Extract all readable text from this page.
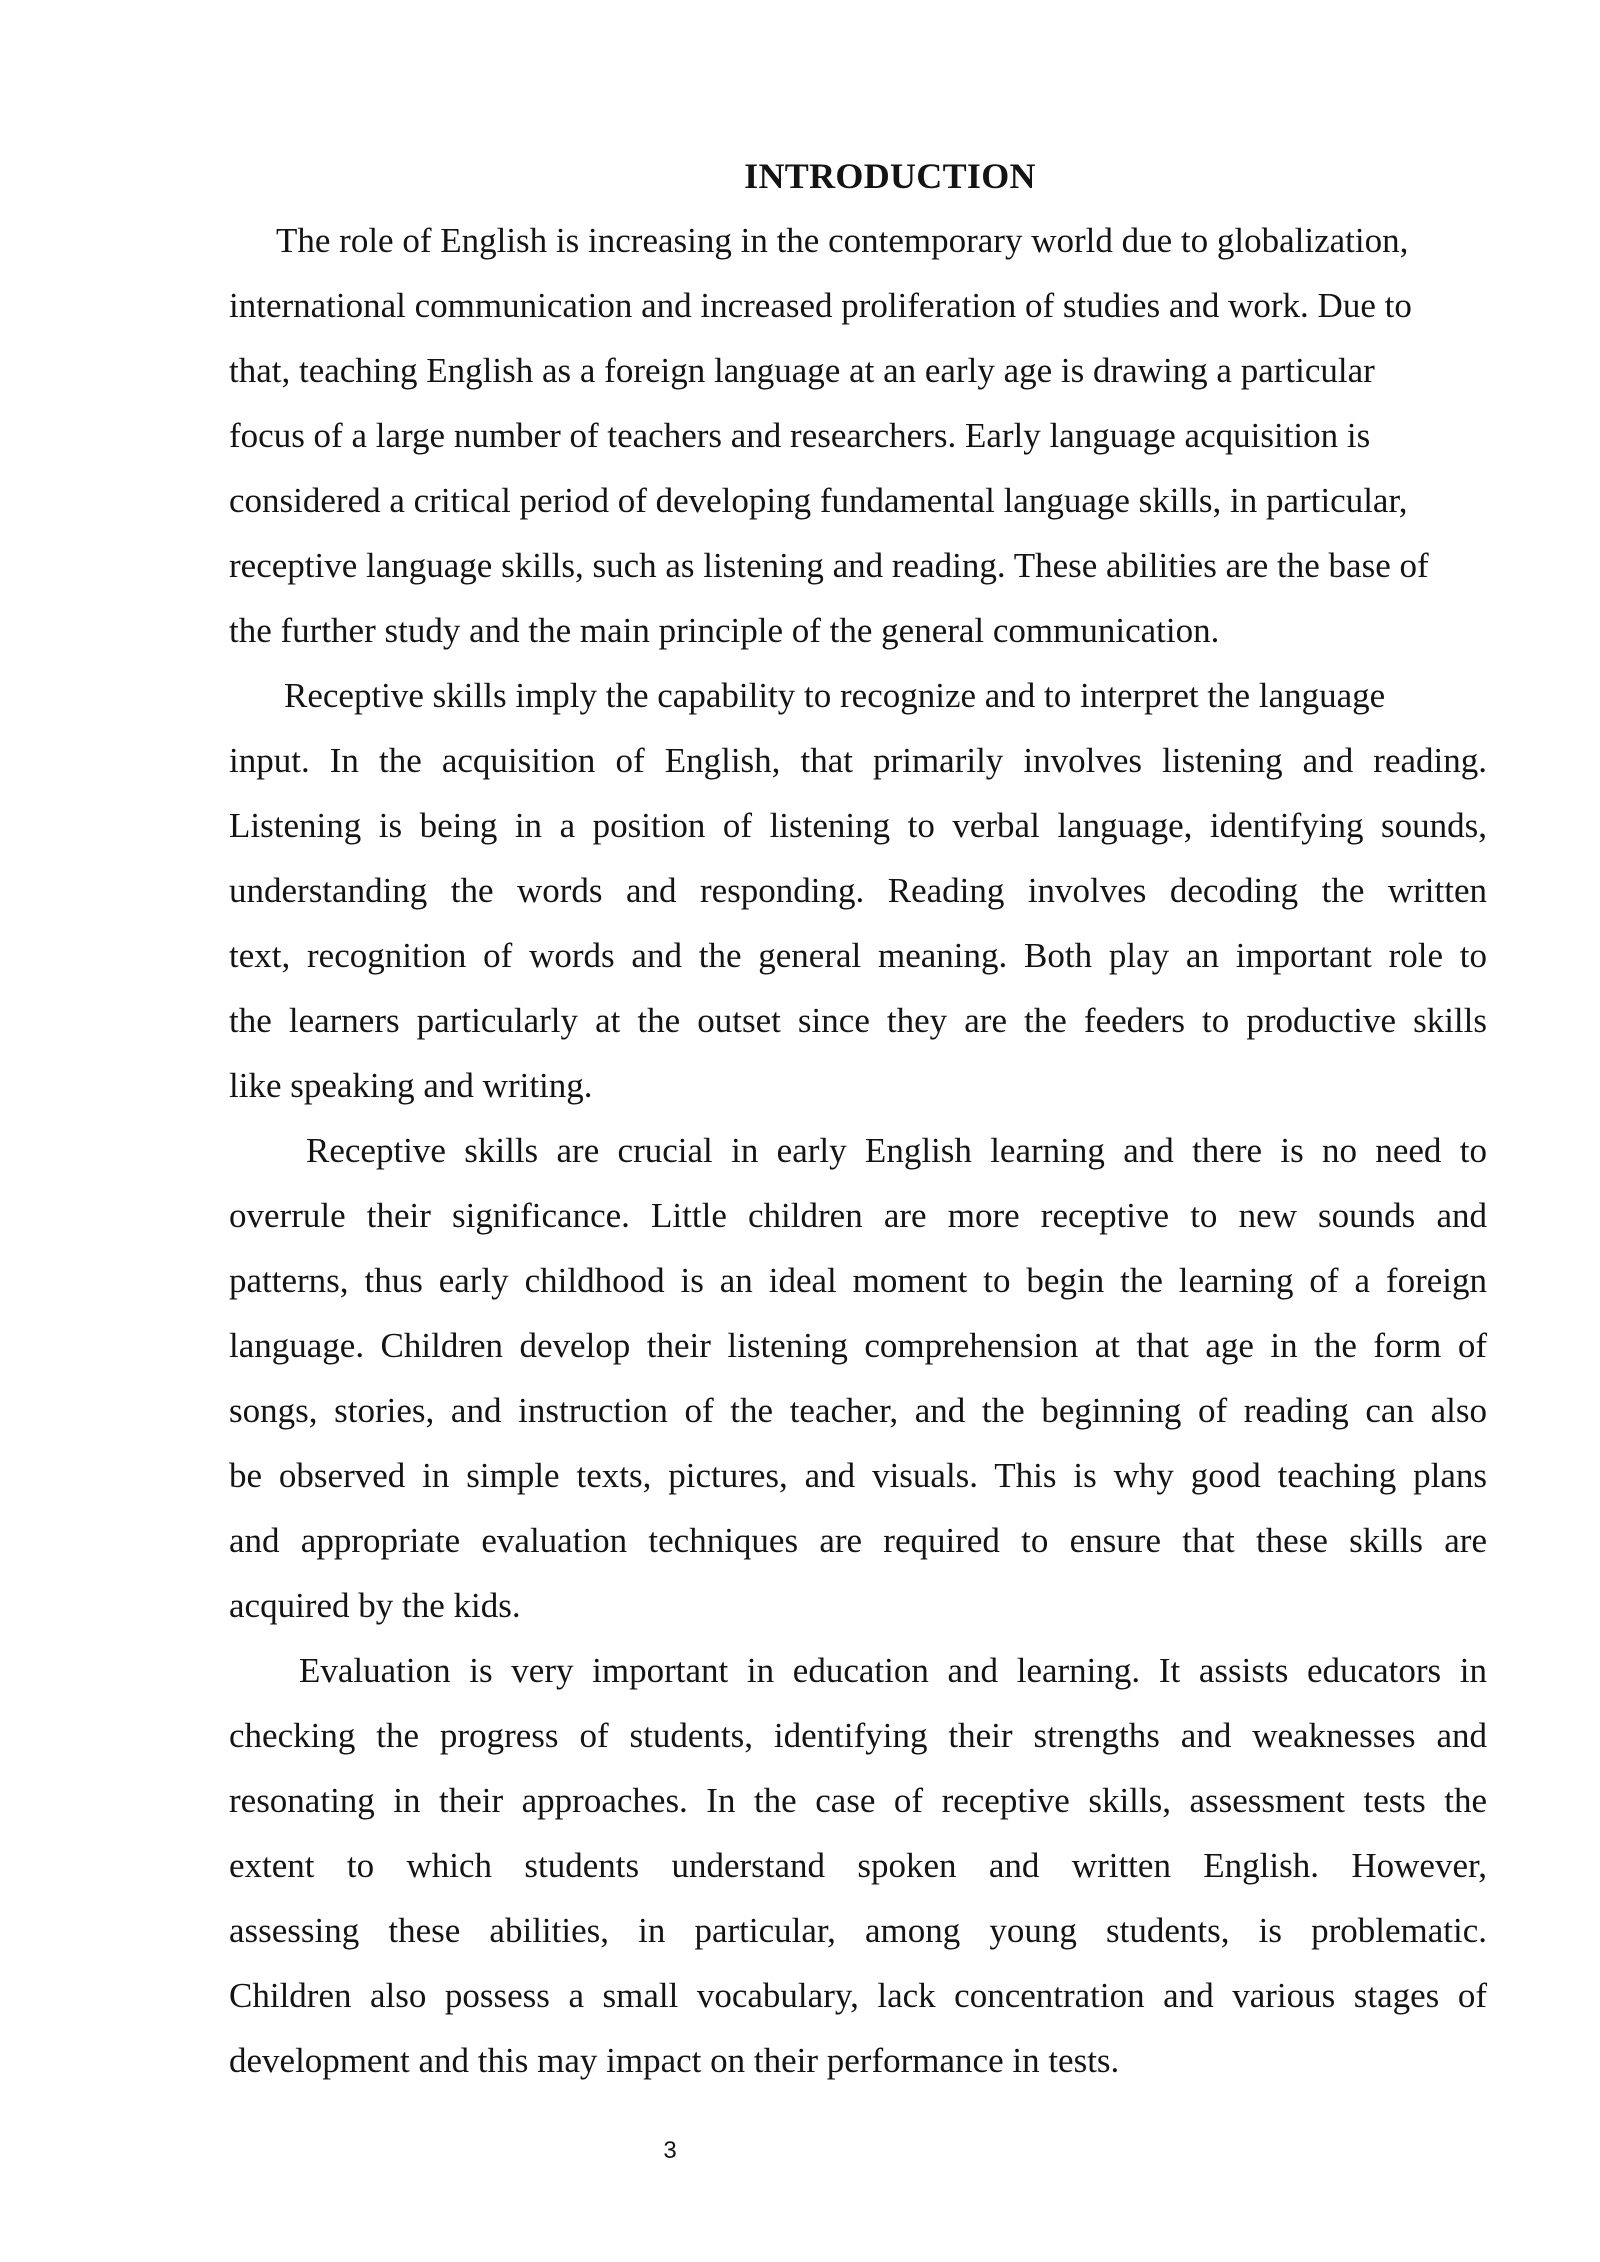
INTRODUCTION
The role of English is increasing in the contemporary world due to globalization,
international communication and increased proliferation of studies and work. Due to
that, teaching English as a foreign language at an early age is drawing a particular
focus of a large number of teachers and researchers. Early language acquisition is
considered a critical period of developing fundamental language skills, in particular,
receptive language skills, such as listening and reading. These abilities are the base of
the further study and the main principle of the general communication.
Receptive skills imply the capability to recognize and to interpret the language
input. In the acquisition of English, that primarily involves listening and reading.
Listening is being in a position of listening to verbal language, identifying sounds,
understanding the words and responding. Reading involves decoding the written
text, recognition of words and the general meaning. Both play an important role to
the learners particularly at the outset since they are the feeders to productive skills
like speaking and writing.
Receptive skills are crucial in early English learning and there is no need to
overrule their significance. Little children are more receptive to new sounds and
patterns, thus early childhood is an ideal moment to begin the learning of a foreign
language. Children develop their listening comprehension at that age in the form of
songs, stories, and instruction of the teacher, and the beginning of reading can also
be observed in simple texts, pictures, and visuals. This is why good teaching plans
and appropriate evaluation techniques are required to ensure that these skills are
acquired by the kids.
Evaluation is very important in education and learning. It assists educators in
checking the progress of students, identifying their strengths and weaknesses and
resonating in their approaches. In the case of receptive skills, assessment tests the
extent to which students understand spoken and written English. However,
assessing these abilities, in particular, among young students, is problematic.
Children also possess a small vocabulary, lack concentration and various stages of
development and this may impact on their performance in tests.
3
